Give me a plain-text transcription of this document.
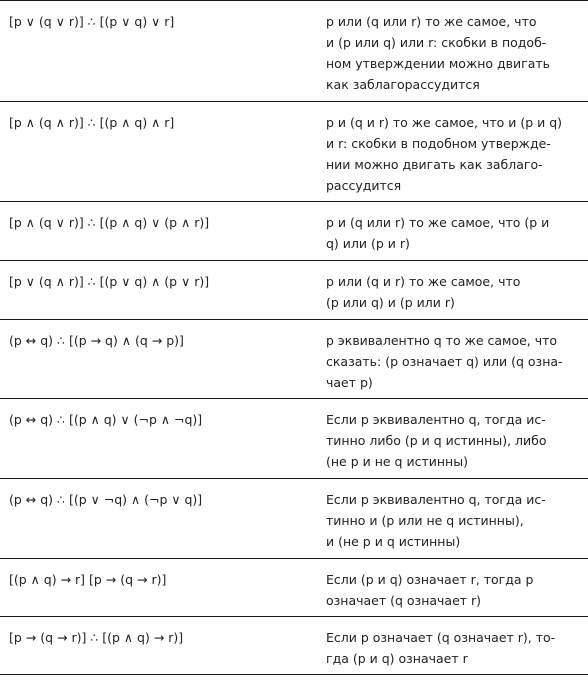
[p ∨ (q ∨ r)] ∴ [(p ∨ q) ∨ r]	p или (q или r) то же самое, что
и (p или q) или r: скобки в подоб-
ном утверждении можно двигать
как заблагорассудится
[p ∧ (q ∧ r)] ∴ [(p ∧ q) ∧ r]	p и (q и r) то же самое, что и (p и q)
и r: скобки в подобном утвержде-
нии можно двигать как заблаго-
рассудится
[p ∧ (q ∨ r)] ∴ [(p ∧ q) ∨ (p ∧ r)]	p и (q или r) то же самое, что (p и
q) или (p и r)
[p ∨ (q ∧ r)] ∴ [(p ∨ q) ∧ (p ∨ r)]	p или (q и r) то же самое, что
(p или q) и (p или r)
(p ↔ q) ∴ [(p → q) ∧ (q → p)]	p эквивалентно q то же самое, что
сказать: (p означает q) или (q озна-
чает p)
(p ↔ q) ∴ [(p ∧ q) ∨ (¬p ∧ ¬q)]	Если p эквивалентно q, тогда ис-
тинно либо (p и q истинны), либо
(не p и не q истинны)
(p ↔ q) ∴ [(p ∨ ¬q) ∧ (¬p ∨ q)]	Если p эквивалентно q, тогда ис-
тинно и (p или не q истинны),
и (не p и q истинны)
[(p ∧ q) → r] [p → (q → r)]	Если (p и q) означает r, тогда p
означает (q означает r)
[p → (q → r)] ∴ [(p ∧ q) → r)]	Если p означает (q означает r), то-
гда (p и q) означает r
